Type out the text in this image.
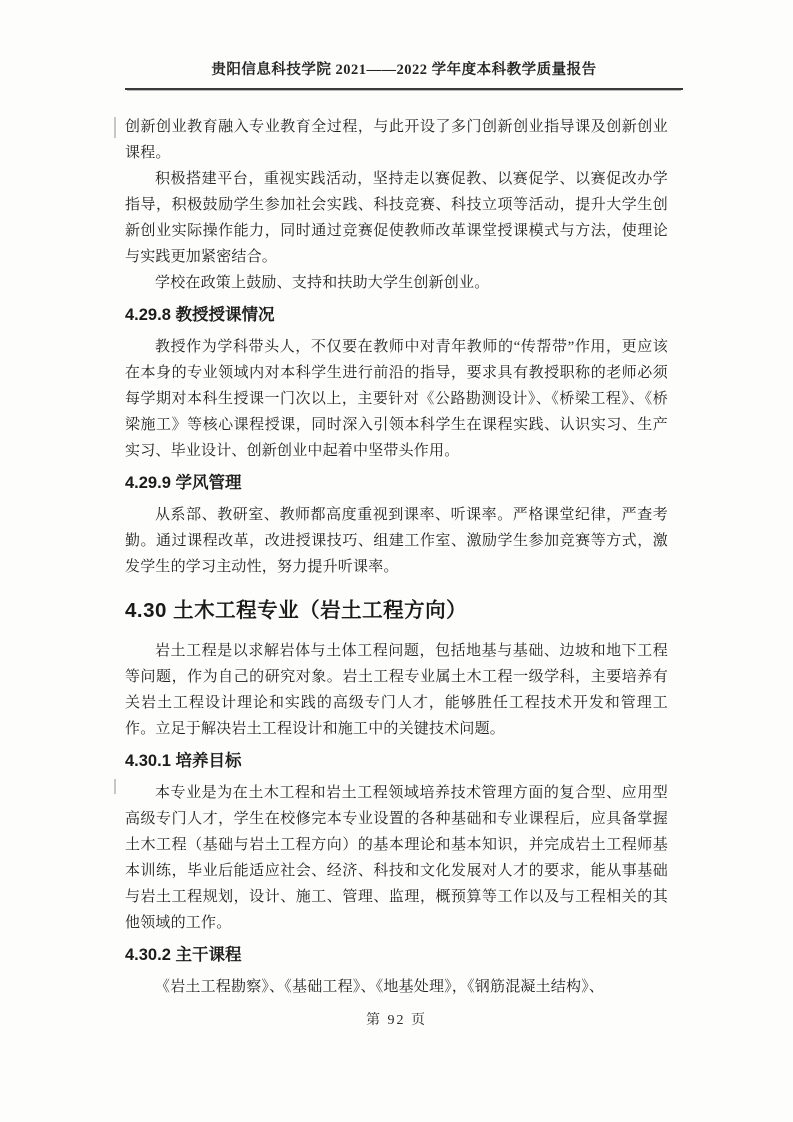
贵阳信息科技学院 2021——2022 学年度本科教学质量报告

创新创业教育融入专业教育全过程，与此开设了多门创新创业指导课及创新创业课程。

积极搭建平台，重视实践活动，坚持走以赛促教、以赛促学、以赛促改办学指导，积极鼓励学生参加社会实践、科技竞赛、科技立项等活动，提升大学生创新创业实际操作能力，同时通过竞赛促使教师改革课堂授课模式与方法，使理论与实践更加紧密结合。

学校在政策上鼓励、支持和扶助大学生创新创业。

4.29.8 教授授课情况

教授作为学科带头人，不仅要在教师中对青年教师的“传帮带”作用，更应该在本身的专业领域内对本科学生进行前沿的指导，要求具有教授职称的老师必须每学期对本科生授课一门次以上，主要针对《公路勘测设计》、《桥梁工程》、《桥梁施工》等核心课程授课，同时深入引领本科学生在课程实践、认识实习、生产实习、毕业设计、创新创业中起着中坚带头作用。

4.29.9 学风管理

从系部、教研室、教师都高度重视到课率、听课率。严格课堂纪律，严查考勤。通过课程改革，改进授课技巧、组建工作室、激励学生参加竞赛等方式，激发学生的学习主动性，努力提升听课率。

4.30 土木工程专业（岩土工程方向）

岩土工程是以求解岩体与土体工程问题，包括地基与基础、边坡和地下工程等问题，作为自己的研究对象。岩土工程专业属土木工程一级学科，主要培养有关岩土工程设计理论和实践的高级专门人才，能够胜任工程技术开发和管理工作。立足于解决岩土工程设计和施工中的关键技术问题。

4.30.1 培养目标

本专业是为在土木工程和岩土工程领域培养技术管理方面的复合型、应用型高级专门人才，学生在校修完本专业设置的各种基础和专业课程后，应具备掌握土木工程（基础与岩土工程方向）的基本理论和基本知识，并完成岩土工程师基本训练，毕业后能适应社会、经济、科技和文化发展对人才的要求，能从事基础与岩土工程规划，设计、施工、管理、监理，概预算等工作以及与工程相关的其他领域的工作。

4.30.2 主干课程

《岩土工程勘察》、《基础工程》、《地基处理》，《钢筋混凝土结构》、

第 92 页
